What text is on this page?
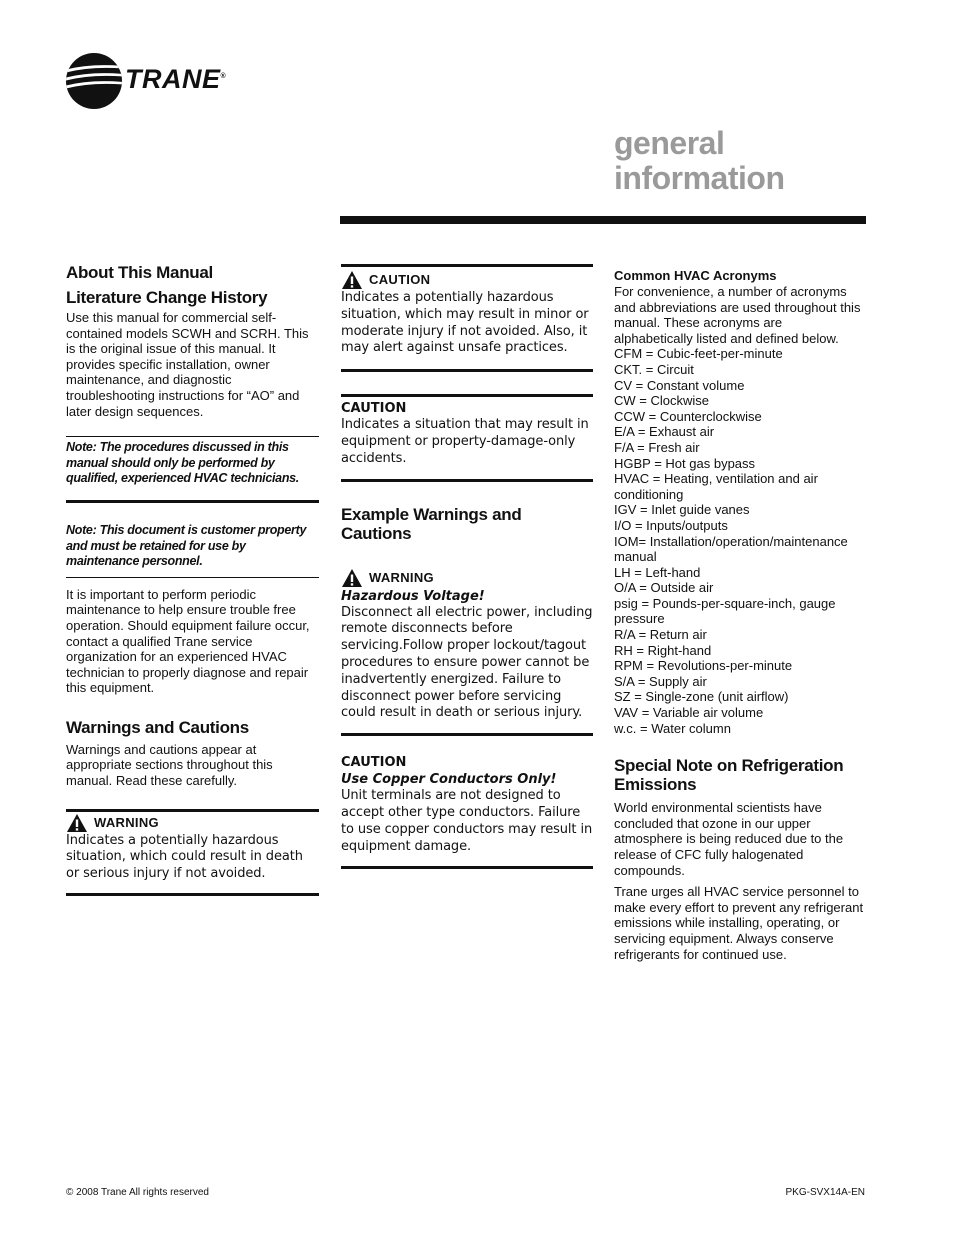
TRANE®
general
information
About This Manual
Literature Change History

Use this manual for commercial self-contained models SCWH and SCRH. This is the original issue of this manual. It provides specific installation, owner maintenance, and diagnostic troubleshooting instructions for “AO” and later design sequences.

Note: The procedures discussed in this manual should only be performed by qualified, experienced HVAC technicians.
Note: This document is customer property and must be retained for use by maintenance personnel.

It is important to perform periodic maintenance to help ensure trouble free operation. Should equipment failure occur, contact a qualified Trane service organization for an experienced HVAC technician to properly diagnose and repair this equipment.

Warnings and Cautions

Warnings and cautions appear at appropriate sections throughout this manual. Read these carefully.

WARNING
Indicates a potentially hazardous situation, which could result in death or serious injury if not avoided.
CAUTION
Indicates a potentially hazardous situation, which may result in minor or moderate injury if not avoided. Also, it may alert against unsafe practices.
CAUTION
Indicates a situation that may result in equipment or property-damage-only accidents.
Example Warnings and Cautions
WARNING
Hazardous Voltage!
Disconnect all electric power, including remote disconnects before servicing.Follow proper lockout/tagout procedures to ensure power cannot be inadvertently energized. Failure to disconnect power before servicing could result in death or serious injury.
CAUTION
Use Copper Conductors Only!
Unit terminals are not designed to accept other type conductors. Failure to use copper conductors may result in equipment damage.
Common HVAC Acronyms

For convenience, a number of acronyms and abbreviations are used throughout this manual. These acronyms are alphabetically listed and defined below.

CFM = Cubic-feet-per-minute
CKT. = Circuit
CV = Constant volume
CW = Clockwise
CCW = Counterclockwise
E/A = Exhaust air
F/A = Fresh air
HGBP = Hot gas bypass
HVAC = Heating, ventilation and air conditioning
IGV = Inlet guide vanes
I/O = Inputs/outputs
IOM= Installation/operation/maintenance manual
LH = Left-hand
O/A = Outside air
psig = Pounds-per-square-inch, gauge pressure
R/A = Return air
RH = Right-hand
RPM = Revolutions-per-minute
S/A = Supply air
SZ = Single-zone (unit airflow)
VAV = Variable air volume
w.c. = Water column
Special Note on Refrigeration Emissions

World environmental scientists have concluded that ozone in our upper atmosphere is being reduced due to the release of CFC fully halogenated compounds.

Trane urges all HVAC service personnel to make every effort to prevent any refrigerant emissions while installing, operating, or servicing equipment. Always conserve refrigerants for continued use.

© 2008 Trane All rights reserved	PKG-SVX14A-EN
